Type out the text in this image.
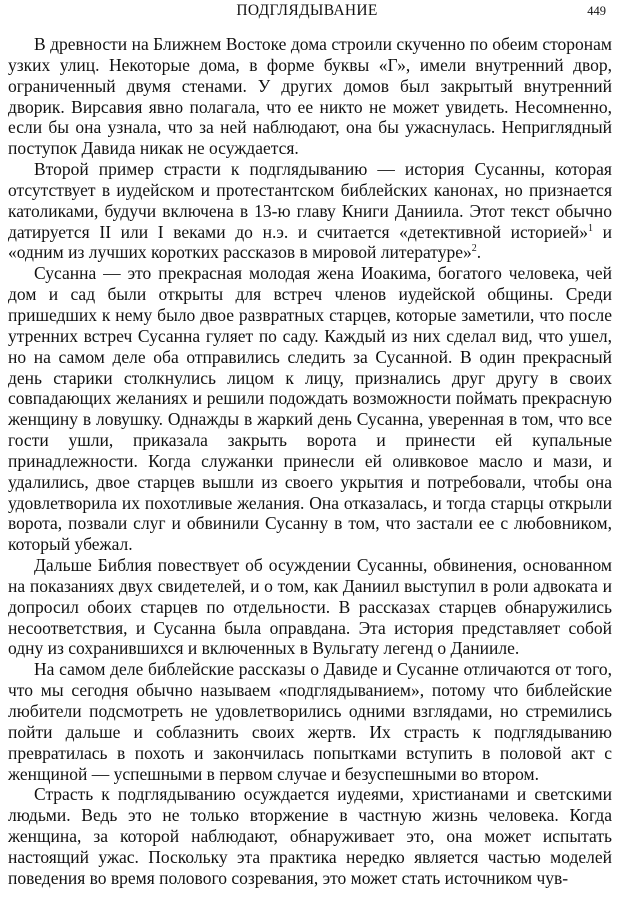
ПОДГЛЯДЫВАНИЕ	449

В древности на Ближнем Востоке дома строили скученно по обеим сторонам узких улиц. Некоторые дома, в форме буквы «Г», имели внутренний двор, ограниченный двумя стенами. У других домов был закрытый внутренний дворик. Вирсавия явно полагала, что ее никто не может увидеть. Несомненно, если бы она узнала, что за ней наблюдают, она бы ужаснулась. Неприглядный поступок Давида никак не осуждается.

Второй пример страсти к подглядыванию — история Сусанны, которая отсутствует в иудейском и протестантском библейских канонах, но признается католиками, будучи включена в 13-ю главу Книги Даниила. Этот текст обычно датируется II или I веками до н.э. и считается «детективной историей»$^1$ и «одним из лучших коротких рассказов в мировой литературе»$^2$.

Сусанна — это прекрасная молодая жена Иоакима, богатого человека, чей дом и сад были открыты для встреч членов иудейской общины. Среди пришедших к нему было двое развратных старцев, которые заметили, что после утренних встреч Сусанна гуляет по саду. Каждый из них сделал вид, что ушел, но на самом деле оба отправились следить за Сусанной. В один прекрасный день старики столкнулись лицом к лицу, признались друг другу в своих совпадающих желаниях и решили подождать возможности поймать прекрасную женщину в ловушку. Однажды в жаркий день Сусанна, уверенная в том, что все гости ушли, приказала закрыть ворота и принести ей купальные принадлежности. Когда служанки принесли ей оливковое масло и мази, и удалились, двое старцев вышли из своего укрытия и потребовали, чтобы она удовлетворила их похотливые желания. Она отказалась, и тогда старцы открыли ворота, позвали слуг и обвинили Сусанну в том, что застали ее с любовником, который убежал.

Дальше Библия повествует об осуждении Сусанны, обвинения, основанном на показаниях двух свидетелей, и о том, как Даниил выступил в роли адвоката и допросил обоих старцев по отдельности. В рассказах старцев обнаружились несоответствия, и Сусанна была оправдана. Эта история представляет собой одну из сохранившихся и включенных в Вульгату легенд о Данииле.

На самом деле библейские рассказы о Давиде и Сусанне отличаются от того, что мы сегодня обычно называем «подглядыванием», потому что библейские любители подсмотреть не удовлетворились одними взглядами, но стремились пойти дальше и соблазнить своих жертв. Их страсть к подглядыванию превратилась в похоть и закончилась попытками вступить в половой акт с женщиной — успешными в первом случае и безуспешными во втором.

Страсть к подглядыванию осуждается иудеями, христианами и светскими людьми. Ведь это не только вторжение в частную жизнь человека. Когда женщина, за которой наблюдают, обнаруживает это, она может испытать настоящий ужас. Поскольку эта практика нередко является частью моделей поведения во время полового созревания, это может стать источником чув-
